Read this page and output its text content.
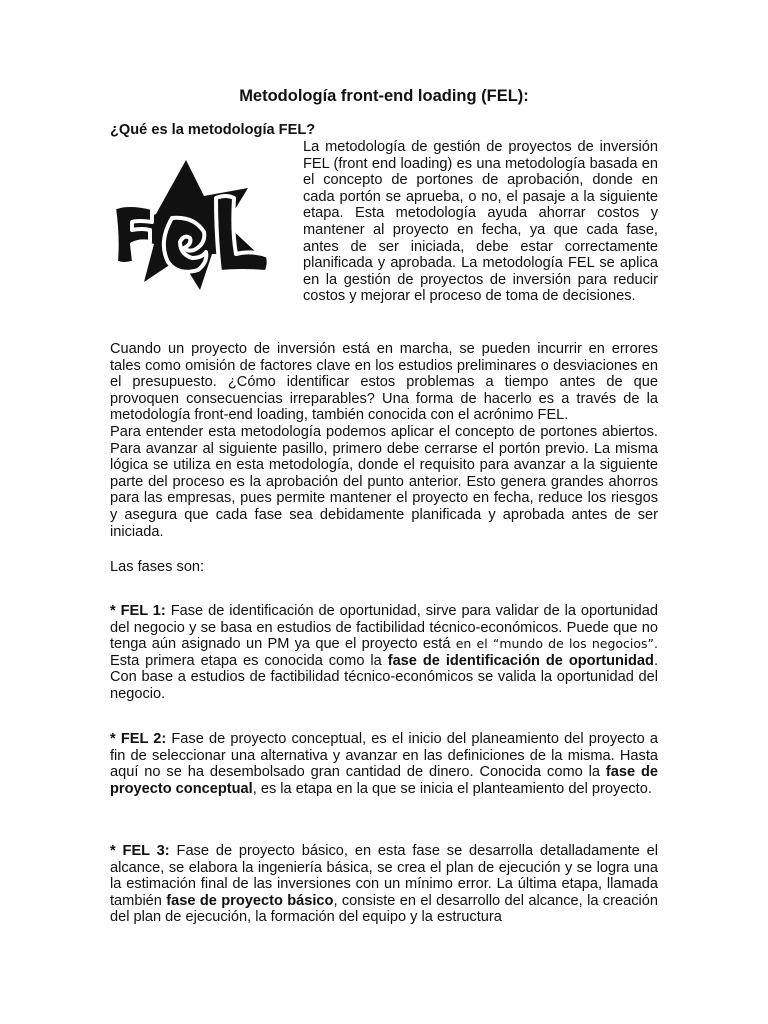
Metodología front-end loading (FEL):
¿Qué es la metodología FEL?
FEL	La metodología de gestión de proyectos de inversión FEL (front end loading) es una metodología basada en el concepto de portones de aprobación, donde en cada portón se aprueba, o no, el pasaje a la siguiente etapa. Esta metodología ayuda ahorrar costos y mantener al proyecto en fecha, ya que cada fase, antes de ser iniciada, debe estar correctamente planificada y aprobada. La metodología FEL se aplica en la gestión de proyectos de inversión para reducir costos y mejorar el proceso de toma de decisiones.

Cuando un proyecto de inversión está en marcha, se pueden incurrir en errores tales como omisión de factores clave en los estudios preliminares o desviaciones en el presupuesto. ¿Cómo identificar estos problemas a tiempo antes de que provoquen consecuencias irreparables? Una forma de hacerlo es a través de la metodología front-end loading, también conocida con el acrónimo FEL.

Para entender esta metodología podemos aplicar el concepto de portones abiertos. Para avanzar al siguiente pasillo, primero debe cerrarse el portón previo. La misma lógica se utiliza en esta metodología, donde el requisito para avanzar a la siguiente parte del proceso es la aprobación del punto anterior. Esto genera grandes ahorros para las empresas, pues permite mantener el proyecto en fecha, reduce los riesgos y asegura que cada fase sea debidamente planificada y aprobada antes de ser iniciada.

Las fases son:
* FEL 1: Fase de identificación de oportunidad, sirve para validar de la oportunidad del negocio y se basa en estudios de factibilidad técnico-económicos. Puede que no tenga aún asignado un PM ya que el proyecto está en el “mundo de los negocios”. Esta primera etapa es conocida como la fase de identificación de oportunidad. Con base a estudios de factibilidad técnico-económicos se valida la oportunidad del negocio.
* FEL 2: Fase de proyecto conceptual, es el inicio del planeamiento del proyecto a fin de seleccionar una alternativa y avanzar en las definiciones de la misma. Hasta aquí no se ha desembolsado gran cantidad de dinero. Conocida como la fase de proyecto conceptual, es la etapa en la que se inicia el planteamiento del proyecto.
* FEL 3: Fase de proyecto básico, en esta fase se desarrolla detalladamente el alcance, se elabora la ingeniería básica, se crea el plan de ejecución y se logra una la estimación final de las inversiones con un mínimo error. La última etapa, llamada también fase de proyecto básico, consiste en el desarrollo del alcance, la creación del plan de ejecución, la formación del equipo y la estructura
